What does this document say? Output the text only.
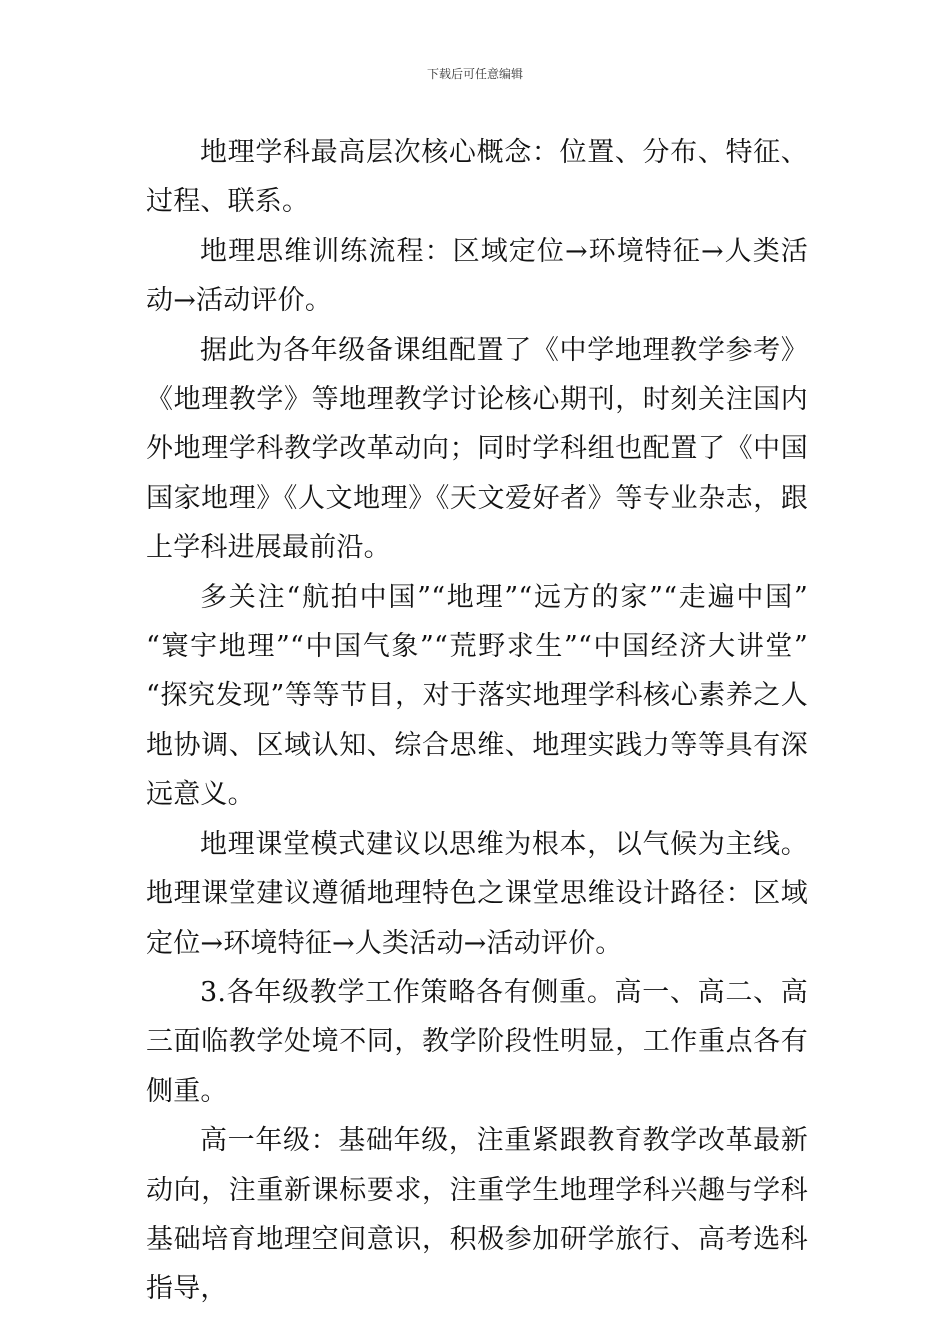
下载后可任意编辑

地理学科最高层次核心概念：位置、分布、特征、过程、联系。

地理思维训练流程：区域定位→环境特征→人类活动→活动评价。

据此为各年级备课组配置了《中学地理教学参考》《地理教学》等地理教学讨论核心期刊，时刻关注国内外地理学科教学改革动向；同时学科组也配置了《中国国家地理》《人文地理》《天文爱好者》等专业杂志，跟上学科进展最前沿。

多关注“航拍中国”“地理”“远方的家”“走遍中国” “寰宇地理”“中国气象”“荒野求生”“中国经济大讲堂” “探究发现”等等节目，对于落实地理学科核心素养之人地协调、区域认知、综合思维、地理实践力等等具有深远意义。

地理课堂模式建议以思维为根本，以气候为主线。地理课堂建议遵循地理特色之课堂思维设计路径：区域定位→环境特征→人类活动→活动评价。

3.各年级教学工作策略各有侧重。高一、高二、高三面临教学处境不同，教学阶段性明显，工作重点各有侧重。

高一年级：基础年级，注重紧跟教育教学改革最新动向，注重新课标要求，注重学生地理学科兴趣与学科基础培育地理空间意识，积极参加研学旅行、高考选科指导，
